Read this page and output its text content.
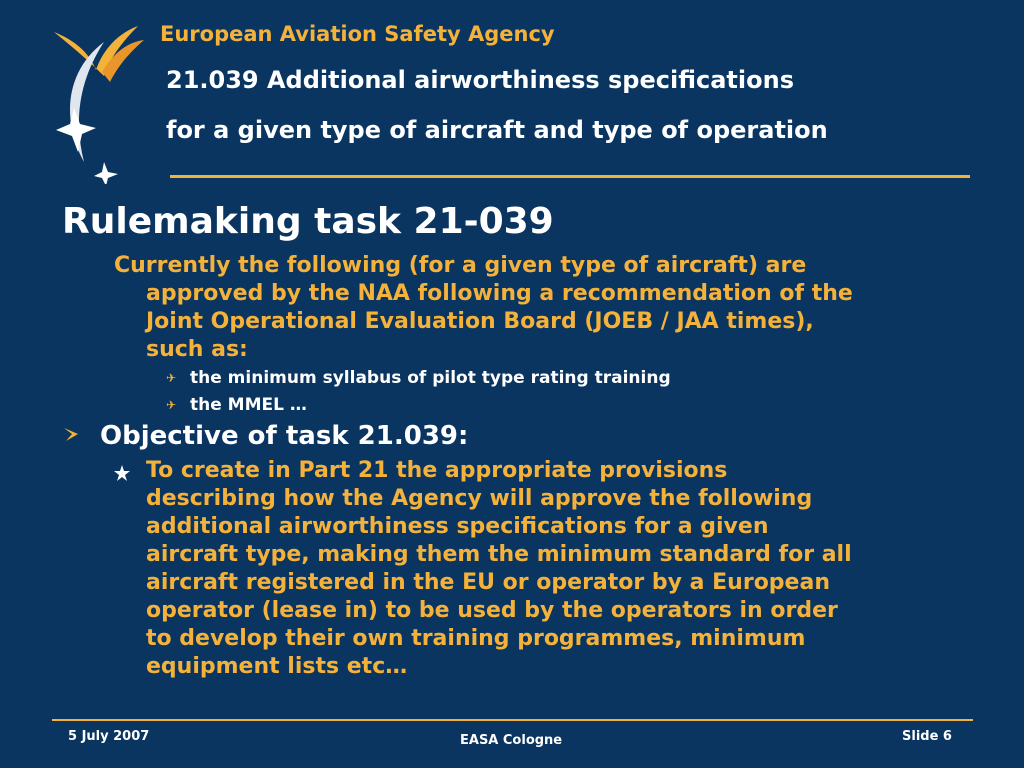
European Aviation Safety Agency
21.039 Additional airworthiness specifications
for a given type of aircraft and type of operation
Rulemaking task 21-039
Currently the following (for a given type of aircraft) are
approved by the NAA following a recommendation of the
Joint Operational Evaluation Board (JOEB / JAA times),
such as:
✈ the minimum syllabus of pilot type rating training
✈ the MMEL …
Objective of task 21.039:
To create in Part 21 the appropriate provisions
describing how the Agency will approve the following
additional airworthiness specifications for a given
aircraft type, making them the minimum standard for all
aircraft registered in the EU or operator by a European
operator (lease in) to be used by the operators in order
to develop their own training programmes, minimum
equipment lists etc…
5 July 2007	EASA Cologne	Slide 6
